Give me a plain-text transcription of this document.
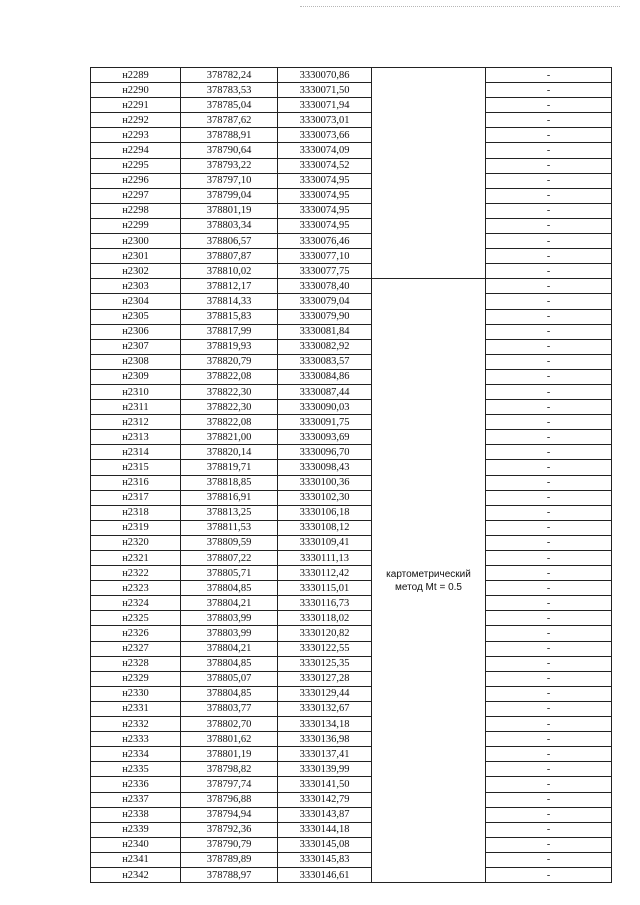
н2289	378782,24	3330070,86		-
н2290	378783,53	3330071,50		-
н2291	378785,04	3330071,94		-
н2292	378787,62	3330073,01		-
н2293	378788,91	3330073,66		-
н2294	378790,64	3330074,09		-
н2295	378793,22	3330074,52		-
н2296	378797,10	3330074,95		-
н2297	378799,04	3330074,95		-
н2298	378801,19	3330074,95		-
н2299	378803,34	3330074,95		-
н2300	378806,57	3330076,46		-
н2301	378807,87	3330077,10		-
н2302	378810,02	3330077,75		-
н2303	378812,17	3330078,40	картометрический
метод Mt = 0.5	-
н2304	378814,33	3330079,04		-
н2305	378815,83	3330079,90		-
н2306	378817,99	3330081,84		-
н2307	378819,93	3330082,92		-
н2308	378820,79	3330083,57		-
н2309	378822,08	3330084,86		-
н2310	378822,30	3330087,44		-
н2311	378822,30	3330090,03		-
н2312	378822,08	3330091,75		-
н2313	378821,00	3330093,69		-
н2314	378820,14	3330096,70		-
н2315	378819,71	3330098,43		-
н2316	378818,85	3330100,36		-
н2317	378816,91	3330102,30		-
н2318	378813,25	3330106,18		-
н2319	378811,53	3330108,12		-
н2320	378809,59	3330109,41		-
н2321	378807,22	3330111,13		-
н2322	378805,71	3330112,42		-
н2323	378804,85	3330115,01		-
н2324	378804,21	3330116,73		-
н2325	378803,99	3330118,02		-
н2326	378803,99	3330120,82		-
н2327	378804,21	3330122,55		-
н2328	378804,85	3330125,35		-
н2329	378805,07	3330127,28		-
н2330	378804,85	3330129,44		-
н2331	378803,77	3330132,67		-
н2332	378802,70	3330134,18		-
н2333	378801,62	3330136,98		-
н2334	378801,19	3330137,41		-
н2335	378798,82	3330139,99		-
н2336	378797,74	3330141,50		-
н2337	378796,88	3330142,79		-
н2338	378794,94	3330143,87		-
н2339	378792,36	3330144,18		-
н2340	378790,79	3330145,08		-
н2341	378789,89	3330145,83		-
н2342	378788,97	3330146,61		-
